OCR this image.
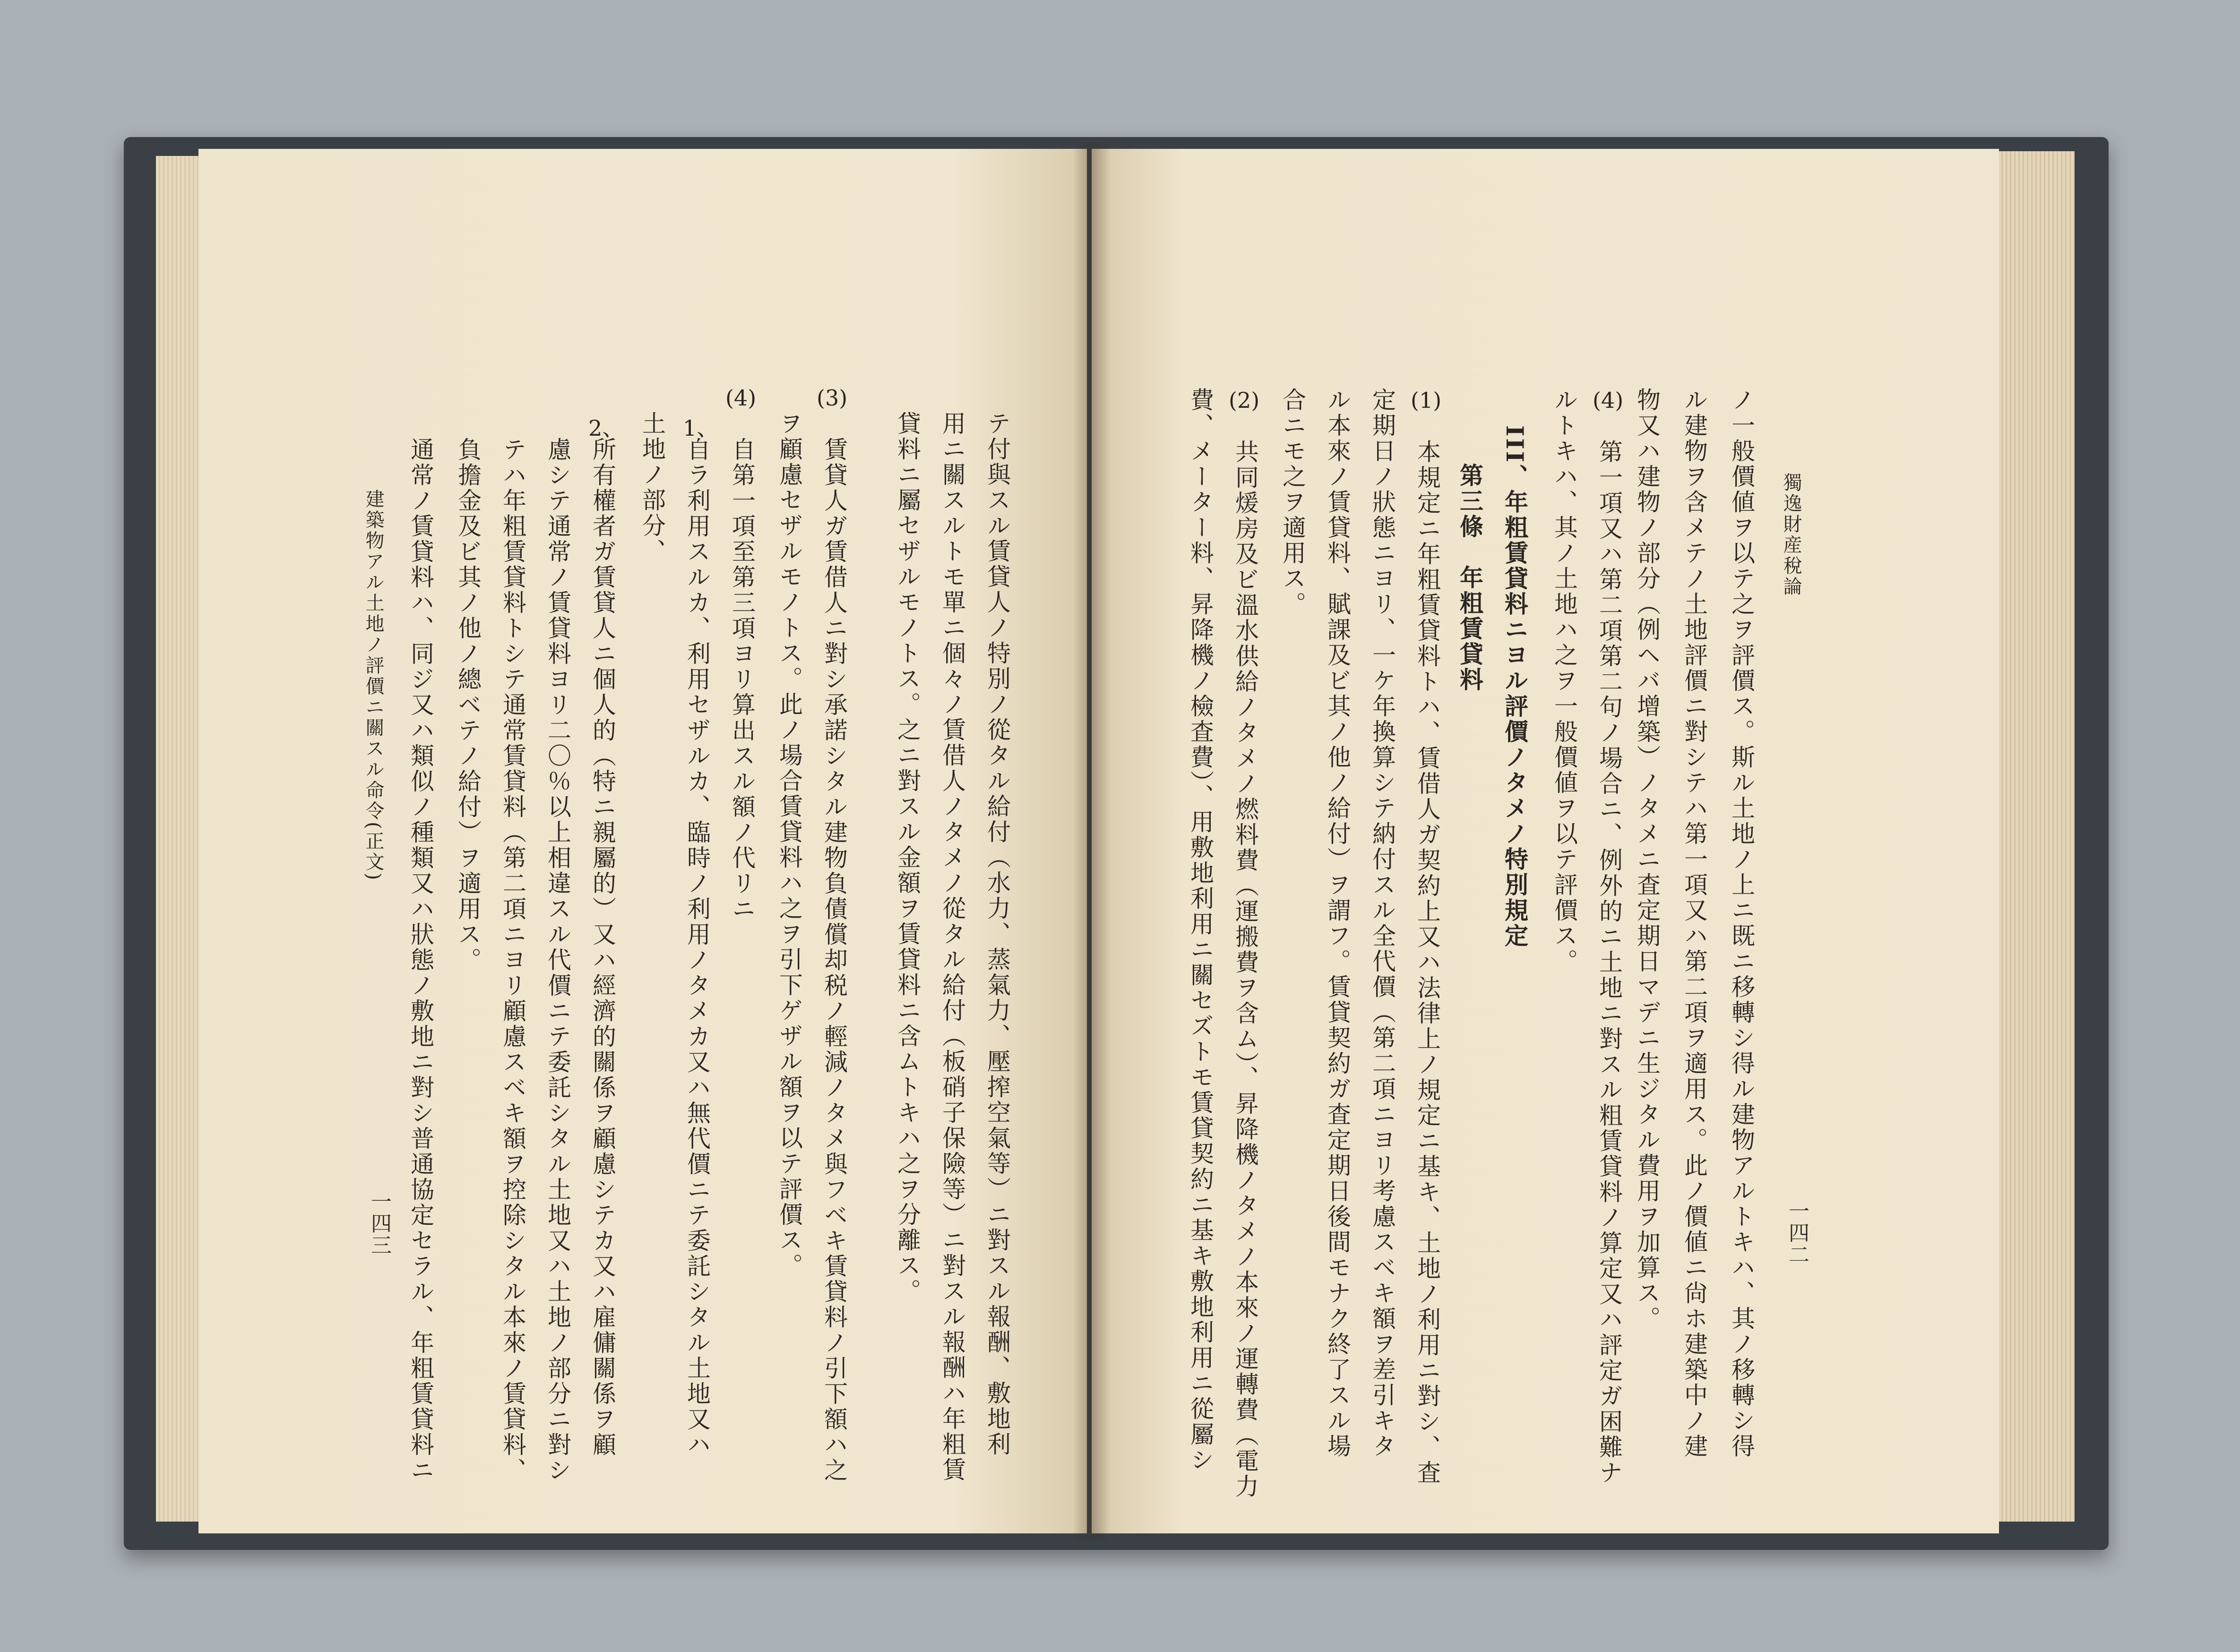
テ付與スル賃貸人ノ特別ノ從タル給付（水力、蒸氣力、壓搾空氣等）ニ對スル報酬、敷地利
用ニ關スルトモ單ニ個々ノ賃借人ノタメノ從タル給付（板硝子保險等）ニ對スル報酬ハ年粗賃
貸料ニ屬セザルモノトス。之ニ對スル金額ヲ賃貸料ニ含ムトキハ之ヲ分離ス。
(3)
賃貸人ガ賃借人ニ對シ承諾シタル建物負債償却税ノ輕減ノタメ與フベキ賃貸料ノ引下額ハ之
ヲ顧慮セザルモノトス。此ノ場合賃貸料ハ之ヲ引下ゲザル額ヲ以テ評價ス。
(4)
自第一項至第三項ヨリ算出スル額ノ代リニ
1、
自ラ利用スルカ、利用セザルカ、臨時ノ利用ノタメカ又ハ無代價ニテ委託シタル土地又ハ
土地ノ部分、
2、
所有權者ガ賃貸人ニ個人的（特ニ親屬的）又ハ經濟的關係ヲ顧慮シテカ又ハ雇傭關係ヲ顧
慮シテ通常ノ賃貸料ヨリ二〇％以上相違スル代價ニテ委託シタル土地又ハ土地ノ部分ニ對シ
テハ年粗賃貸料トシテ通常賃貸料（第二項ニヨリ顧慮スベキ額ヲ控除シタル本來ノ賃貸料、
負擔金及ビ其ノ他ノ總ベテノ給付）ヲ適用ス。
通常ノ賃貸料ハ、同ジ又ハ類似ノ種類又ハ狀態ノ敷地ニ對シ普通協定セラル、年粗賃貸料ニ
建築物アル土地ノ評價ニ關スル命令(正文)
一四三
獨逸財産稅論
一四二
ノ一般價値ヲ以テ之ヲ評價ス。斯ル土地ノ上ニ既ニ移轉シ得ル建物アルトキハ、其ノ移轉シ得
ル建物ヲ含メテノ土地評價ニ對シテハ第一項又ハ第二項ヲ適用ス。此ノ價値ニ尙ホ建築中ノ建
物又ハ建物ノ部分（例ヘバ增築）ノタメニ査定期日マデニ生ジタル費用ヲ加算ス。
(4)
第一項又ハ第二項第二句ノ場合ニ、例外的ニ土地ニ對スル粗賃貸料ノ算定又ハ評定ガ困難ナ
ルトキハ、其ノ土地ハ之ヲ一般價値ヲ以テ評價ス。
III、年粗賃貸料ニヨル評價ノタメノ特別規定
第三條　年粗賃貸料
(1)
本規定ニ年粗賃貸料トハ、賃借人ガ契約上又ハ法律上ノ規定ニ基キ、土地ノ利用ニ對シ、査
定期日ノ狀態ニヨリ、一ケ年換算シテ納付スル全代價（第二項ニヨリ考慮スベキ額ヲ差引キタ
ル本來ノ賃貸料、賦課及ビ其ノ他ノ給付）ヲ謂フ。賃貸契約ガ査定期日後間モナク終了スル場
合ニモ之ヲ適用ス。
(2)
共同煖房及ビ溫水供給ノタメノ燃料費（運搬費ヲ含ム）、昇降機ノタメノ本來ノ運轉費（電力
費、メーター料、昇降機ノ檢査費）、用敷地利用ニ關セズトモ賃貸契約ニ基キ敷地利用ニ從屬シ
